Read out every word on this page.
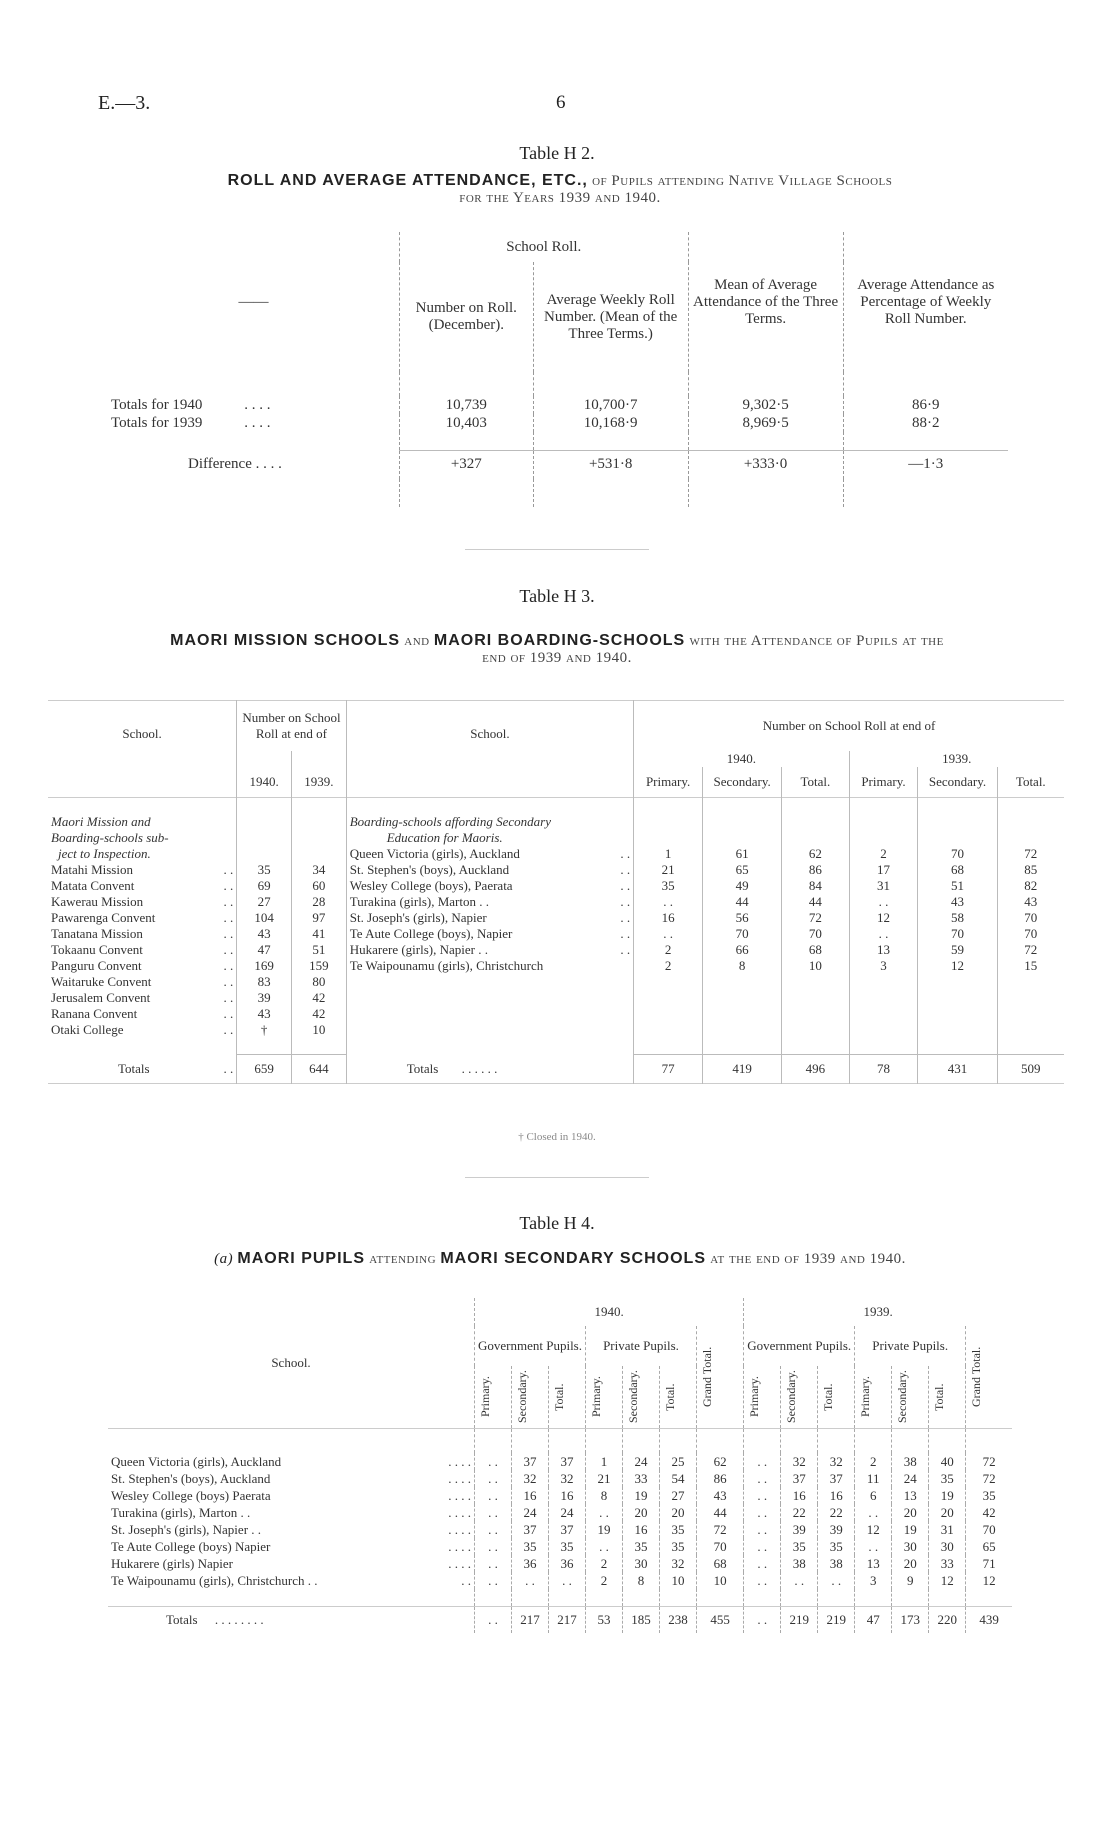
E.—3.	6
Table H 2.
ROLL AND AVERAGE ATTENDANCE, ETC., of Pupils attending Native Village Schools
for the Years 1939 and 1940.
——	School Roll.		Mean of Average Attendance of the Three Terms.	Average Attendance as Percentage of Weekly Roll Number.
	Number on Roll. (December).	Average Weekly Roll Number. (Mean of the Three Terms.)		

Totals for 1940 . . . .	10,739	10,700·7	9,302·5	86·9
Totals for 1939 . . . .	10,403	10,168·9	8,969·5	88·2

Difference . . . .	+327	+531·8	+333·0	—1·3

Table H 3.
MAORI MISSION SCHOOLS and MAORI BOARDING-SCHOOLS with the Attendance of Pupils at the
end of 1939 and 1940.
School.	Number on School Roll at end of		School.	Number on School Roll at end of					
				1940.			1939.		
	1940.	1939.		Primary.	Secondary.	Total.	Primary.	Secondary.	Total.

Maori Mission and			Boarding-schools affording Secondary						
Boarding-schools sub-			Education for Maoris.						
ject to Inspection.			Queen Victoria (girls), Auckland . .	1	61	62	2	70	72
Matahi Mission . .	35	34	St. Stephen's (boys), Auckland . .	21	65	86	17	68	85
Matata Convent . .	69	60	Wesley College (boys), Paerata . .	35	49	84	31	51	82
Kawerau Mission . .	27	28	Turakina (girls), Marton . . . .	. .	44	44	. .	43	43
Pawarenga Convent . .	104	97	St. Joseph's (girls), Napier . .	16	56	72	12	58	70
Tanatana Mission . .	43	41	Te Aute College (boys), Napier . .	. .	70	70	. .	70	70
Tokaanu Convent . .	47	51	Hukarere (girls), Napier . . . .	2	66	68	13	59	72
Panguru Convent . .	169	159	Te Waipounamu (girls), Christchurch	2	8	10	3	12	15
Waitaruke Convent . .	83	80							
Jerusalem Convent . .	39	42							
Ranana Convent . .	43	42							
Otaki College . .	†	10							

Totals . .	659	644	Totals . . . . . .	77	419	496	78	431	509
† Closed in 1940.
Table H 4.
(a) MAORI PUPILS attending MAORI SECONDARY SCHOOLS at the end of 1939 and 1940.
School.	1940.							1939.						
	Government Pupils.			Private Pupils.			Grand Total.	Government Pupils.			Private Pupils.			Grand Total.

	Primary.	Secondary.	Total.	Primary.	Secondary.	Total.		Primary.	Secondary.	Total.	Primary.	Secondary.	Total.	

Queen Victoria (girls), Auckland . . . .	. .	37	37	1	24	25	62	. .	32	32	2	38	40	72
St. Stephen's (boys), Auckland . . . .	. .	32	32	21	33	54	86	. .	37	37	11	24	35	72
Wesley College (boys) Paerata . . . .	. .	16	16	8	19	27	43	. .	16	16	6	13	19	35
Turakina (girls), Marton . . . . . .	. .	24	24	. .	20	20	44	. .	22	22	. .	20	20	42
St. Joseph's (girls), Napier . . . . . .	. .	37	37	19	16	35	72	. .	39	39	12	19	31	70
Te Aute College (boys) Napier . . . .	. .	35	35	. .	35	35	70	. .	35	35	. .	30	30	65
Hukarere (girls) Napier . . . .	. .	36	36	2	30	32	68	. .	38	38	13	20	33	71
Te Waipounamu (girls), Christchurch . . . .	. .	. .	. .	2	8	10	10	. .	. .	. .	3	9	12	12

Totals . . . . . . . .	. .	217	217	53	185	238	455	. .	219	219	47	173	220	439
